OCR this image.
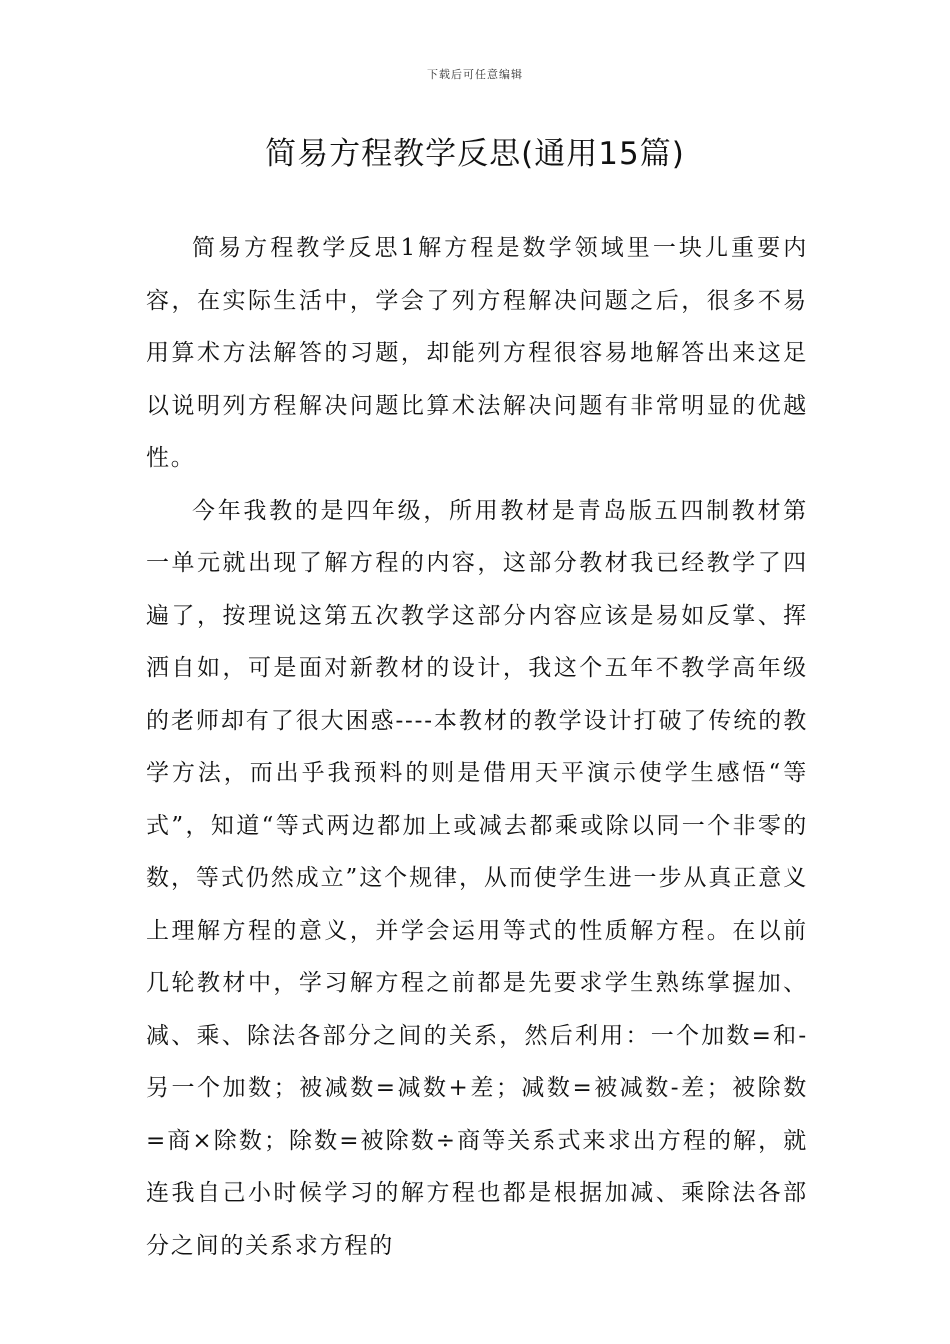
下载后可任意编辑
简易方程教学反思(通用15篇)

简易方程教学反思1解方程是数学领域里一块儿重要内容，在实际生活中，学会了列方程解决问题之后，很多不易用算术方法解答的习题，却能列方程很容易地解答出来这足以说明列方程解决问题比算术法解决问题有非常明显的优越性。

今年我教的是四年级，所用教材是青岛版五四制教材第一单元就出现了解方程的内容，这部分教材我已经教学了四遍了，按理说这第五次教学这部分内容应该是易如反掌、挥洒自如，可是面对新教材的设计，我这个五年不教学高年级的老师却有了很大困惑----本教材的教学设计打破了传统的教学方法，而出乎我预料的则是借用天平演示使学生感悟“等式”，知道“等式两边都加上或减去都乘或除以同一个非零的数，等式仍然成立”这个规律，从而使学生进一步从真正意义上理解方程的意义，并学会运用等式的性质解方程。在以前几轮教材中，学习解方程之前都是先要求学生熟练掌握加、减、乘、除法各部分之间的关系，然后利用：一个加数=和-另一个加数；被减数=减数+差；减数=被减数-差；被除数=商×除数；除数=被除数÷商等关系式来求出方程的解，就连我自己小时候学习的解方程也都是根据加减、乘除法各部分之间的关系求方程的
